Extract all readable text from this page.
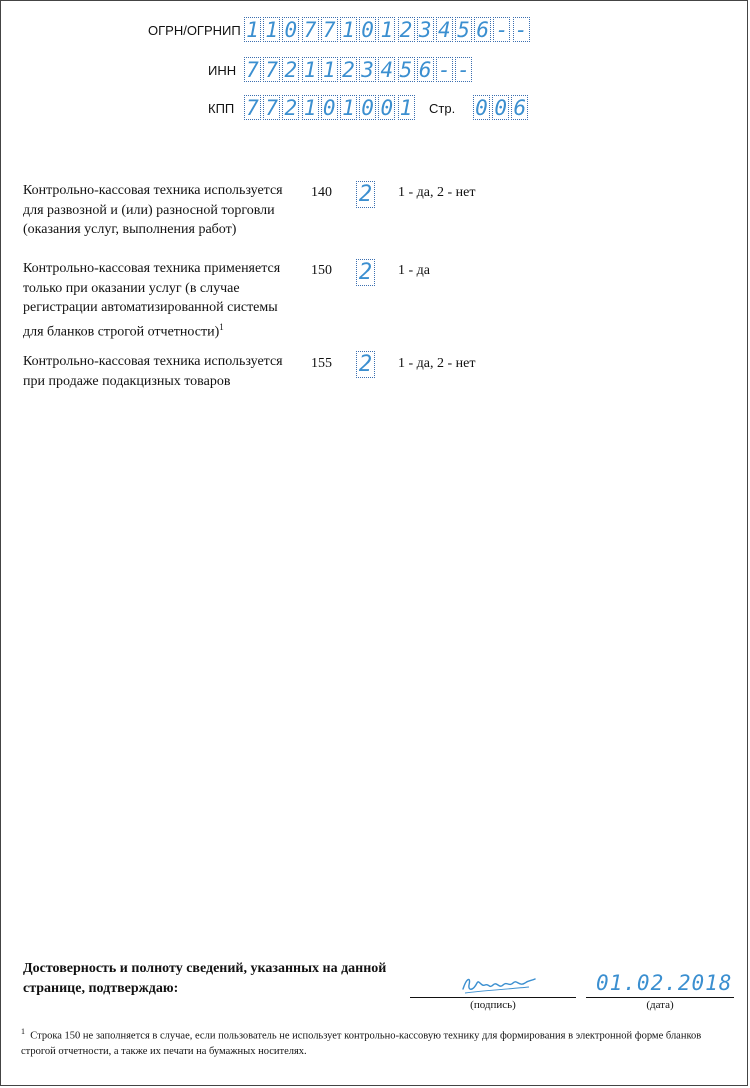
ОГРН/ОГРНИП 1 1 0 7 7 1 0 1 2 3 4 5 6 - -
ИНН 7 7 2 1 1 2 3 4 5 6 - -
КПП 7 7 2 1 0 1 0 0 1 Стр. 0 0 6
Контрольно-кассовая техника используется для развозной и (или) разносной торговли (оказания услуг, выполнения работ)
140 2 1 - да, 2 - нет
Контрольно-кассовая техника применяется только при оказании услуг (в случае регистрации автоматизированной системы для бланков строгой отчетности)$^1$
150 2 1 - да
Контрольно-кассовая техника используется при продаже подакцизных товаров
155 2 1 - да, 2 - нет
Достоверность и полноту сведений, указанных на данной странице, подтверждаю:
(подпись)
01.02.2018
(дата)
$^1$ Строка 150 не заполняется в случае, если пользователь не использует контрольно-кассовую технику для формирования в электронной форме бланков строгой отчетности, а также их печати на бумажных носителях.
